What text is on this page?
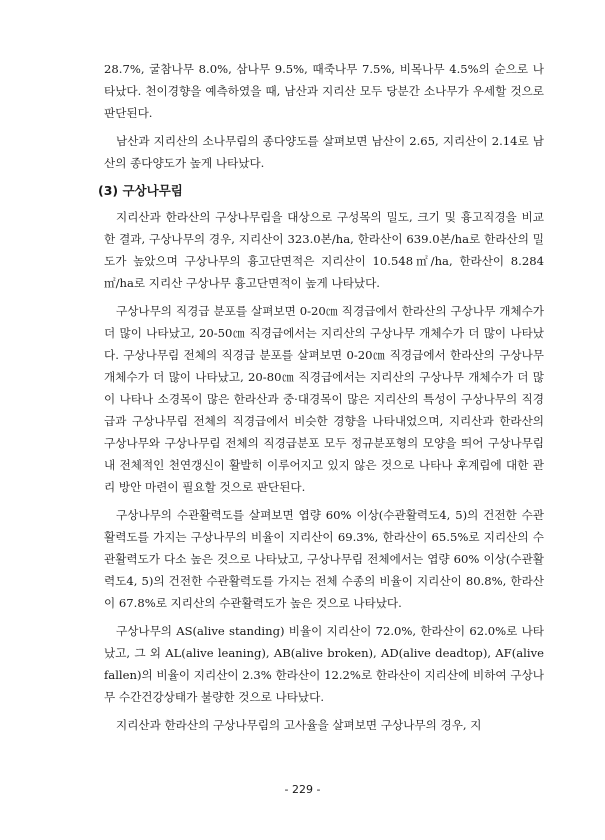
28.7%, 굴참나무 8.0%, 삼나무 9.5%, 때죽나무 7.5%, 비목나무 4.5%의 순으로 나타났다. 천이경향을 예측하였을 때, 남산과 지리산 모두 당분간 소나무가 우세할 것으로 판단된다.

남산과 지리산의 소나무림의 종다양도를 살펴보면 남산이 2.65, 지리산이 2.14로 남산의 종다양도가 높게 나타났다.

(3) 구상나무림

지리산과 한라산의 구상나무림을 대상으로 구성목의 밀도, 크기 및 흉고직경을 비교한 결과, 구상나무의 경우, 지리산이 323.0본/ha, 한라산이 639.0본/ha로 한라산의 밀도가 높았으며 구상나무의 흉고단면적은 지리산이 10.548㎡/ha, 한라산이 8.284㎡/ha로 지리산 구상나무 흉고단면적이 높게 나타났다.

구상나무의 직경급 분포를 살펴보면 0-20㎝ 직경급에서 한라산의 구상나무 개체수가 더 많이 나타났고, 20-50㎝ 직경급에서는 지리산의 구상나무 개체수가 더 많이 나타났다. 구상나무림 전체의 직경급 분포를 살펴보면 0-20㎝ 직경급에서 한라산의 구상나무 개체수가 더 많이 나타났고, 20-80㎝ 직경급에서는 지리산의 구상나무 개체수가 더 많이 나타나 소경목이 많은 한라산과 중·대경목이 많은 지리산의 특성이 구상나무의 직경급과 구상나무림 전체의 직경급에서 비슷한 경향을 나타내었으며, 지리산과 한라산의 구상나무와 구상나무림 전체의 직경급분포 모두 정규분포형의 모양을 띄어 구상나무림 내 전체적인 천연갱신이 활발히 이루어지고 있지 않은 것으로 나타나 후계림에 대한 관리 방안 마련이 필요할 것으로 판단된다.

구상나무의 수관활력도를 살펴보면 엽량 60% 이상(수관활력도4, 5)의 건전한 수관활력도를 가지는 구상나무의 비율이 지리산이 69.3%, 한라산이 65.5%로 지리산의 수관활력도가 다소 높은 것으로 나타났고, 구상나무림 전체에서는 엽량 60% 이상(수관활력도4, 5)의 건전한 수관활력도를 가지는 전체 수종의 비율이 지리산이 80.8%, 한라산이 67.8%로 지리산의 수관활력도가 높은 것으로 나타났다.

구상나무의 AS(alive standing) 비율이 지리산이 72.0%, 한라산이 62.0%로 나타났고, 그 외 AL(alive leaning), AB(alive broken), AD(alive deadtop), AF(alive fallen)의 비율이 지리산이 2.3% 한라산이 12.2%로 한라산이 지리산에 비하여 구상나무 수간건강상태가 불량한 것으로 나타났다.

지리산과 한라산의 구상나무림의 고사율을 살펴보면 구상나무의 경우, 지

- 229 -
